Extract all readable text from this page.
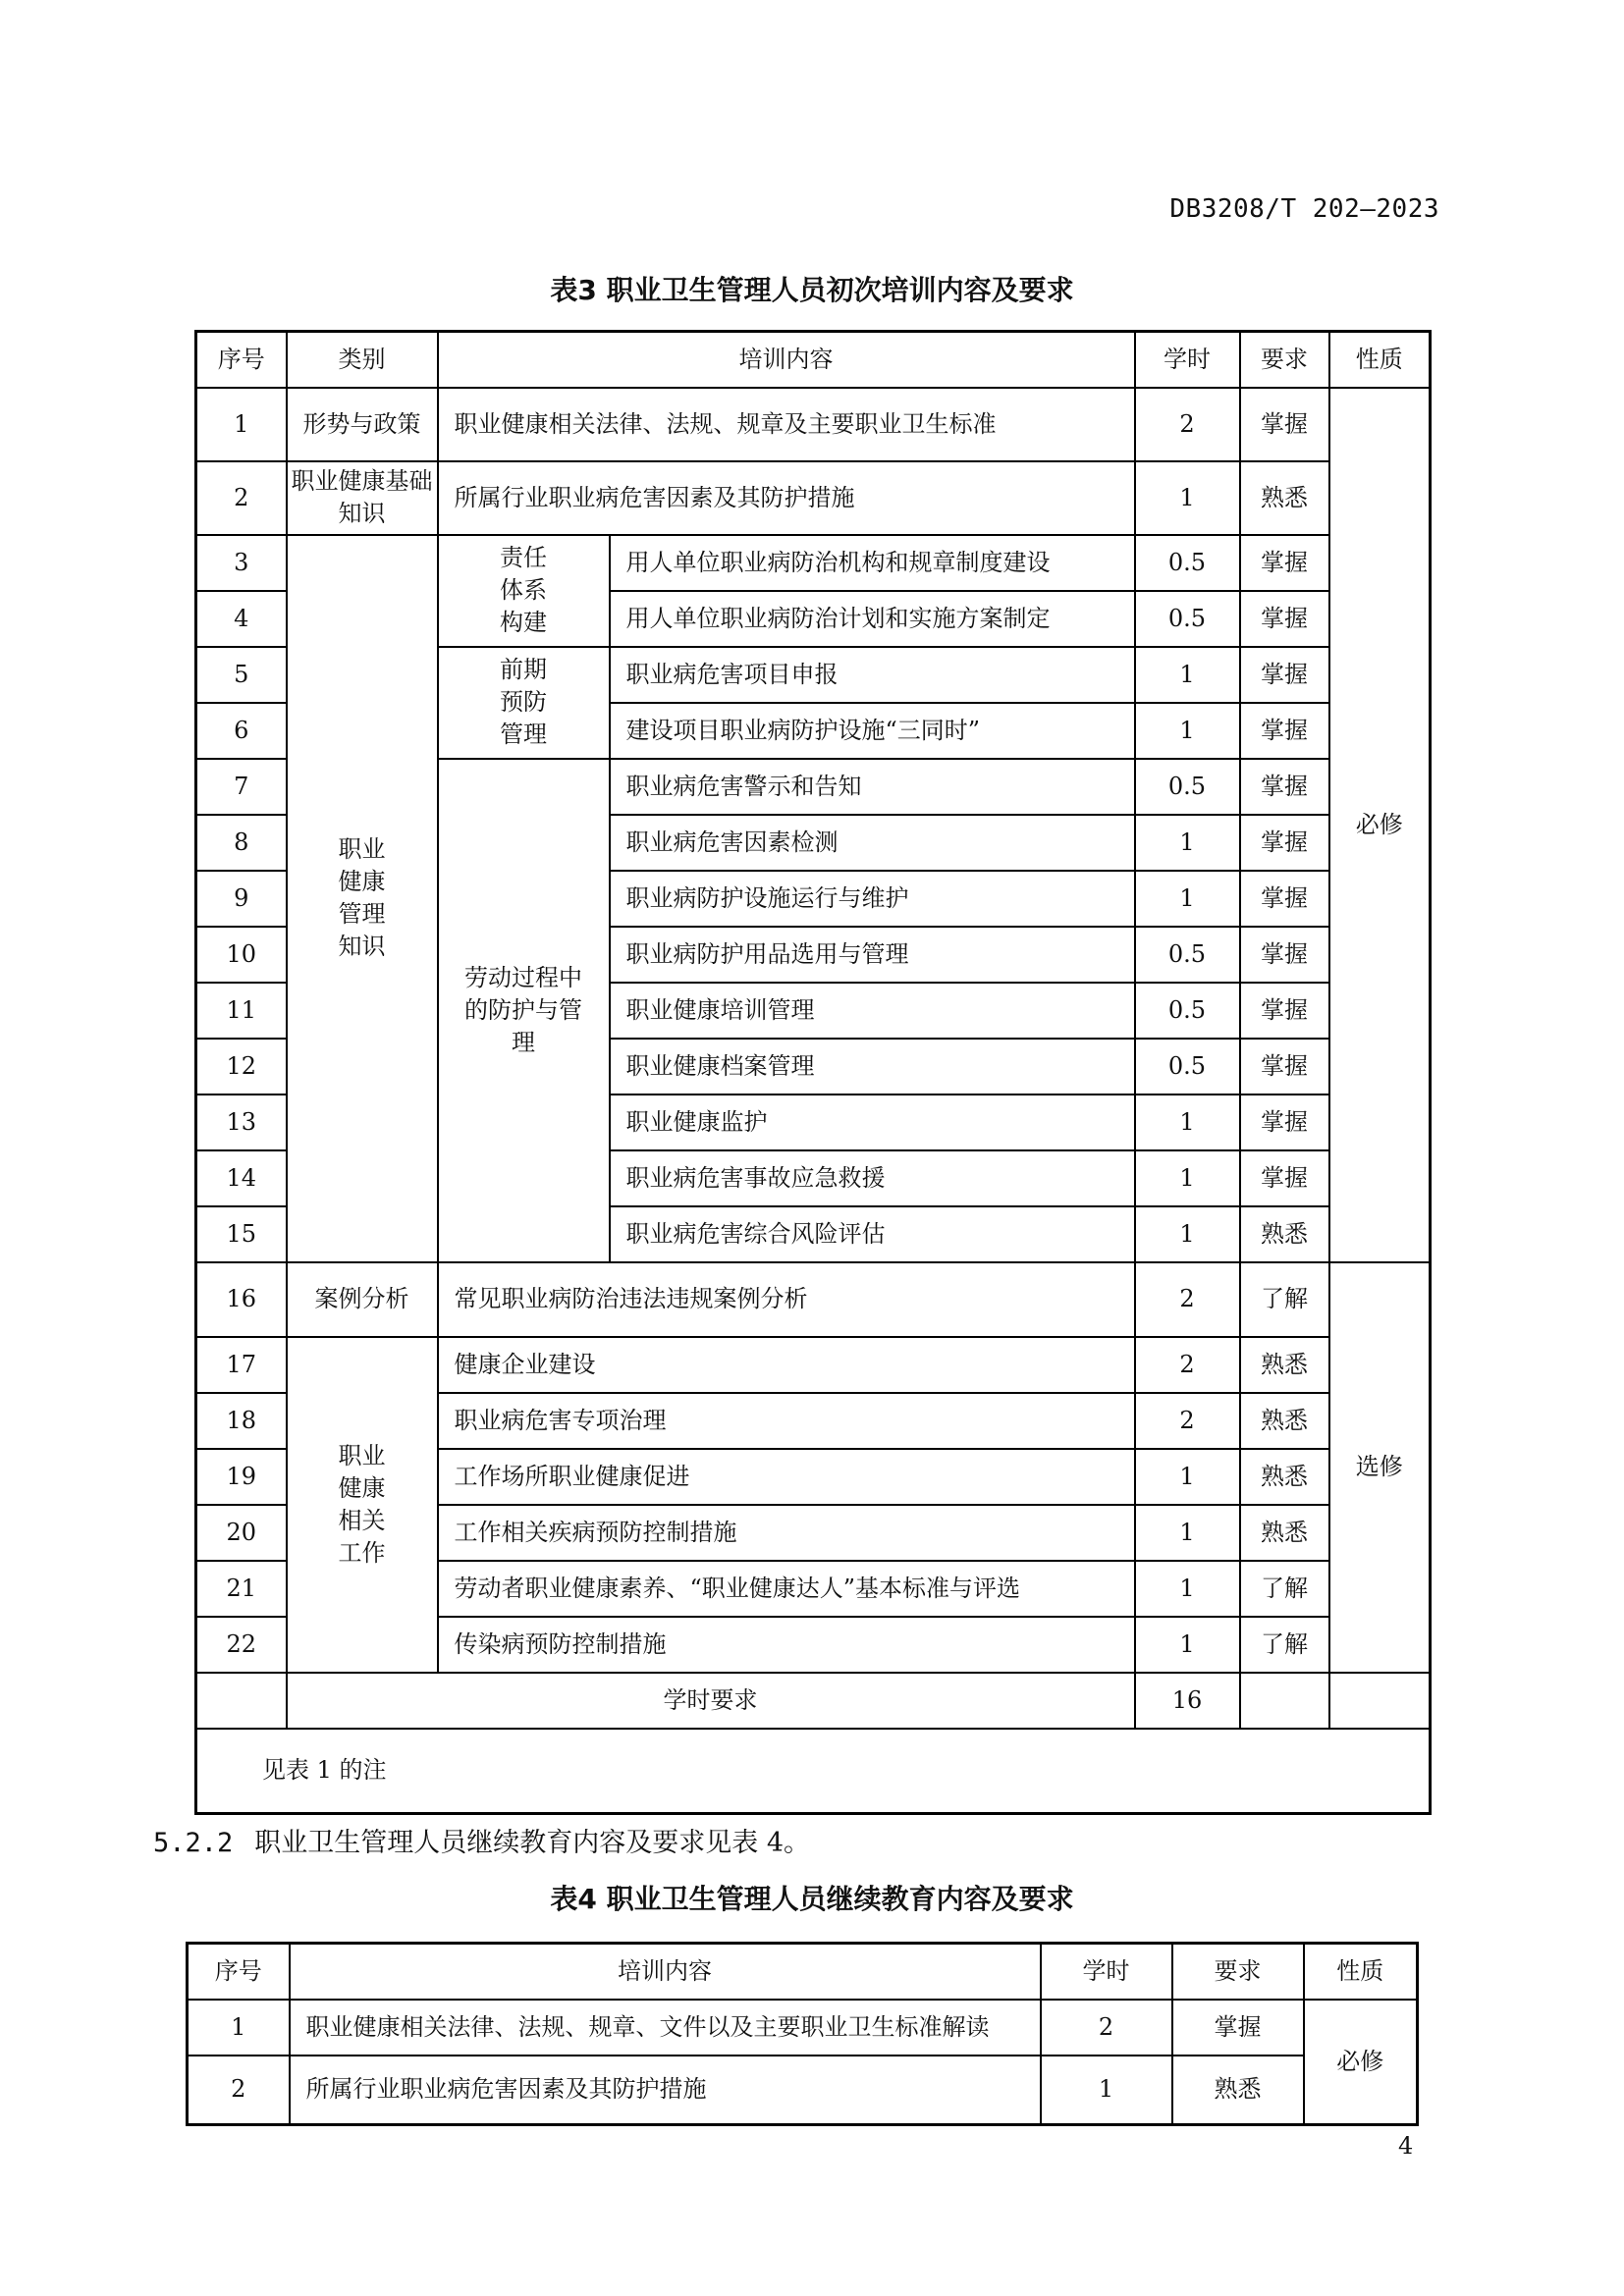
DB3208/T 202—2023
表3 职业卫生管理人员初次培训内容及要求
序号	类别	培训内容		学时	要求	性质
1	形势与政策	职业健康相关法律、法规、规章及主要职业卫生标准		2	掌握	必修
2	职业健康基础知识	所属行业职业病危害因素及其防护措施		1	熟悉	
3	职业健康管理知识	责任体系构建	用人单位职业病防治机构和规章制度建设	0.5	掌握	
4			用人单位职业病防治计划和实施方案制定	0.5	掌握	
5		前期预防管理	职业病危害项目申报	1	掌握	
6			建设项目职业病防护设施“三同时”	1	掌握	
7		劳动过程中的防护与管理	职业病危害警示和告知	0.5	掌握	
8			职业病危害因素检测	1	掌握	
9			职业病防护设施运行与维护	1	掌握	
10			职业病防护用品选用与管理	0.5	掌握	
11			职业健康培训管理	0.5	掌握	
12			职业健康档案管理	0.5	掌握	
13			职业健康监护	1	掌握	
14			职业病危害事故应急救援	1	掌握	
15			职业病危害综合风险评估	1	熟悉	
16	案例分析	常见职业病防治违法违规案例分析		2	了解	选修
17	职业健康相关工作	健康企业建设		2	熟悉	
18		职业病危害专项治理		2	熟悉	
19		工作场所职业健康促进		1	熟悉	
20		工作相关疾病预防控制措施		1	熟悉	
21		劳动者职业健康素养、“职业健康达人”基本标准与评选		1	了解	
22		传染病预防控制措施		1	了解	
	学时要求			16		
见表 1 的注						
5.2.2 职业卫生管理人员继续教育内容及要求见表 4。
表4 职业卫生管理人员继续教育内容及要求
序号	培训内容	学时	要求	性质
1	职业健康相关法律、法规、规章、文件以及主要职业卫生标准解读	2	掌握	必修
2	所属行业职业病危害因素及其防护措施	1	熟悉	
4
